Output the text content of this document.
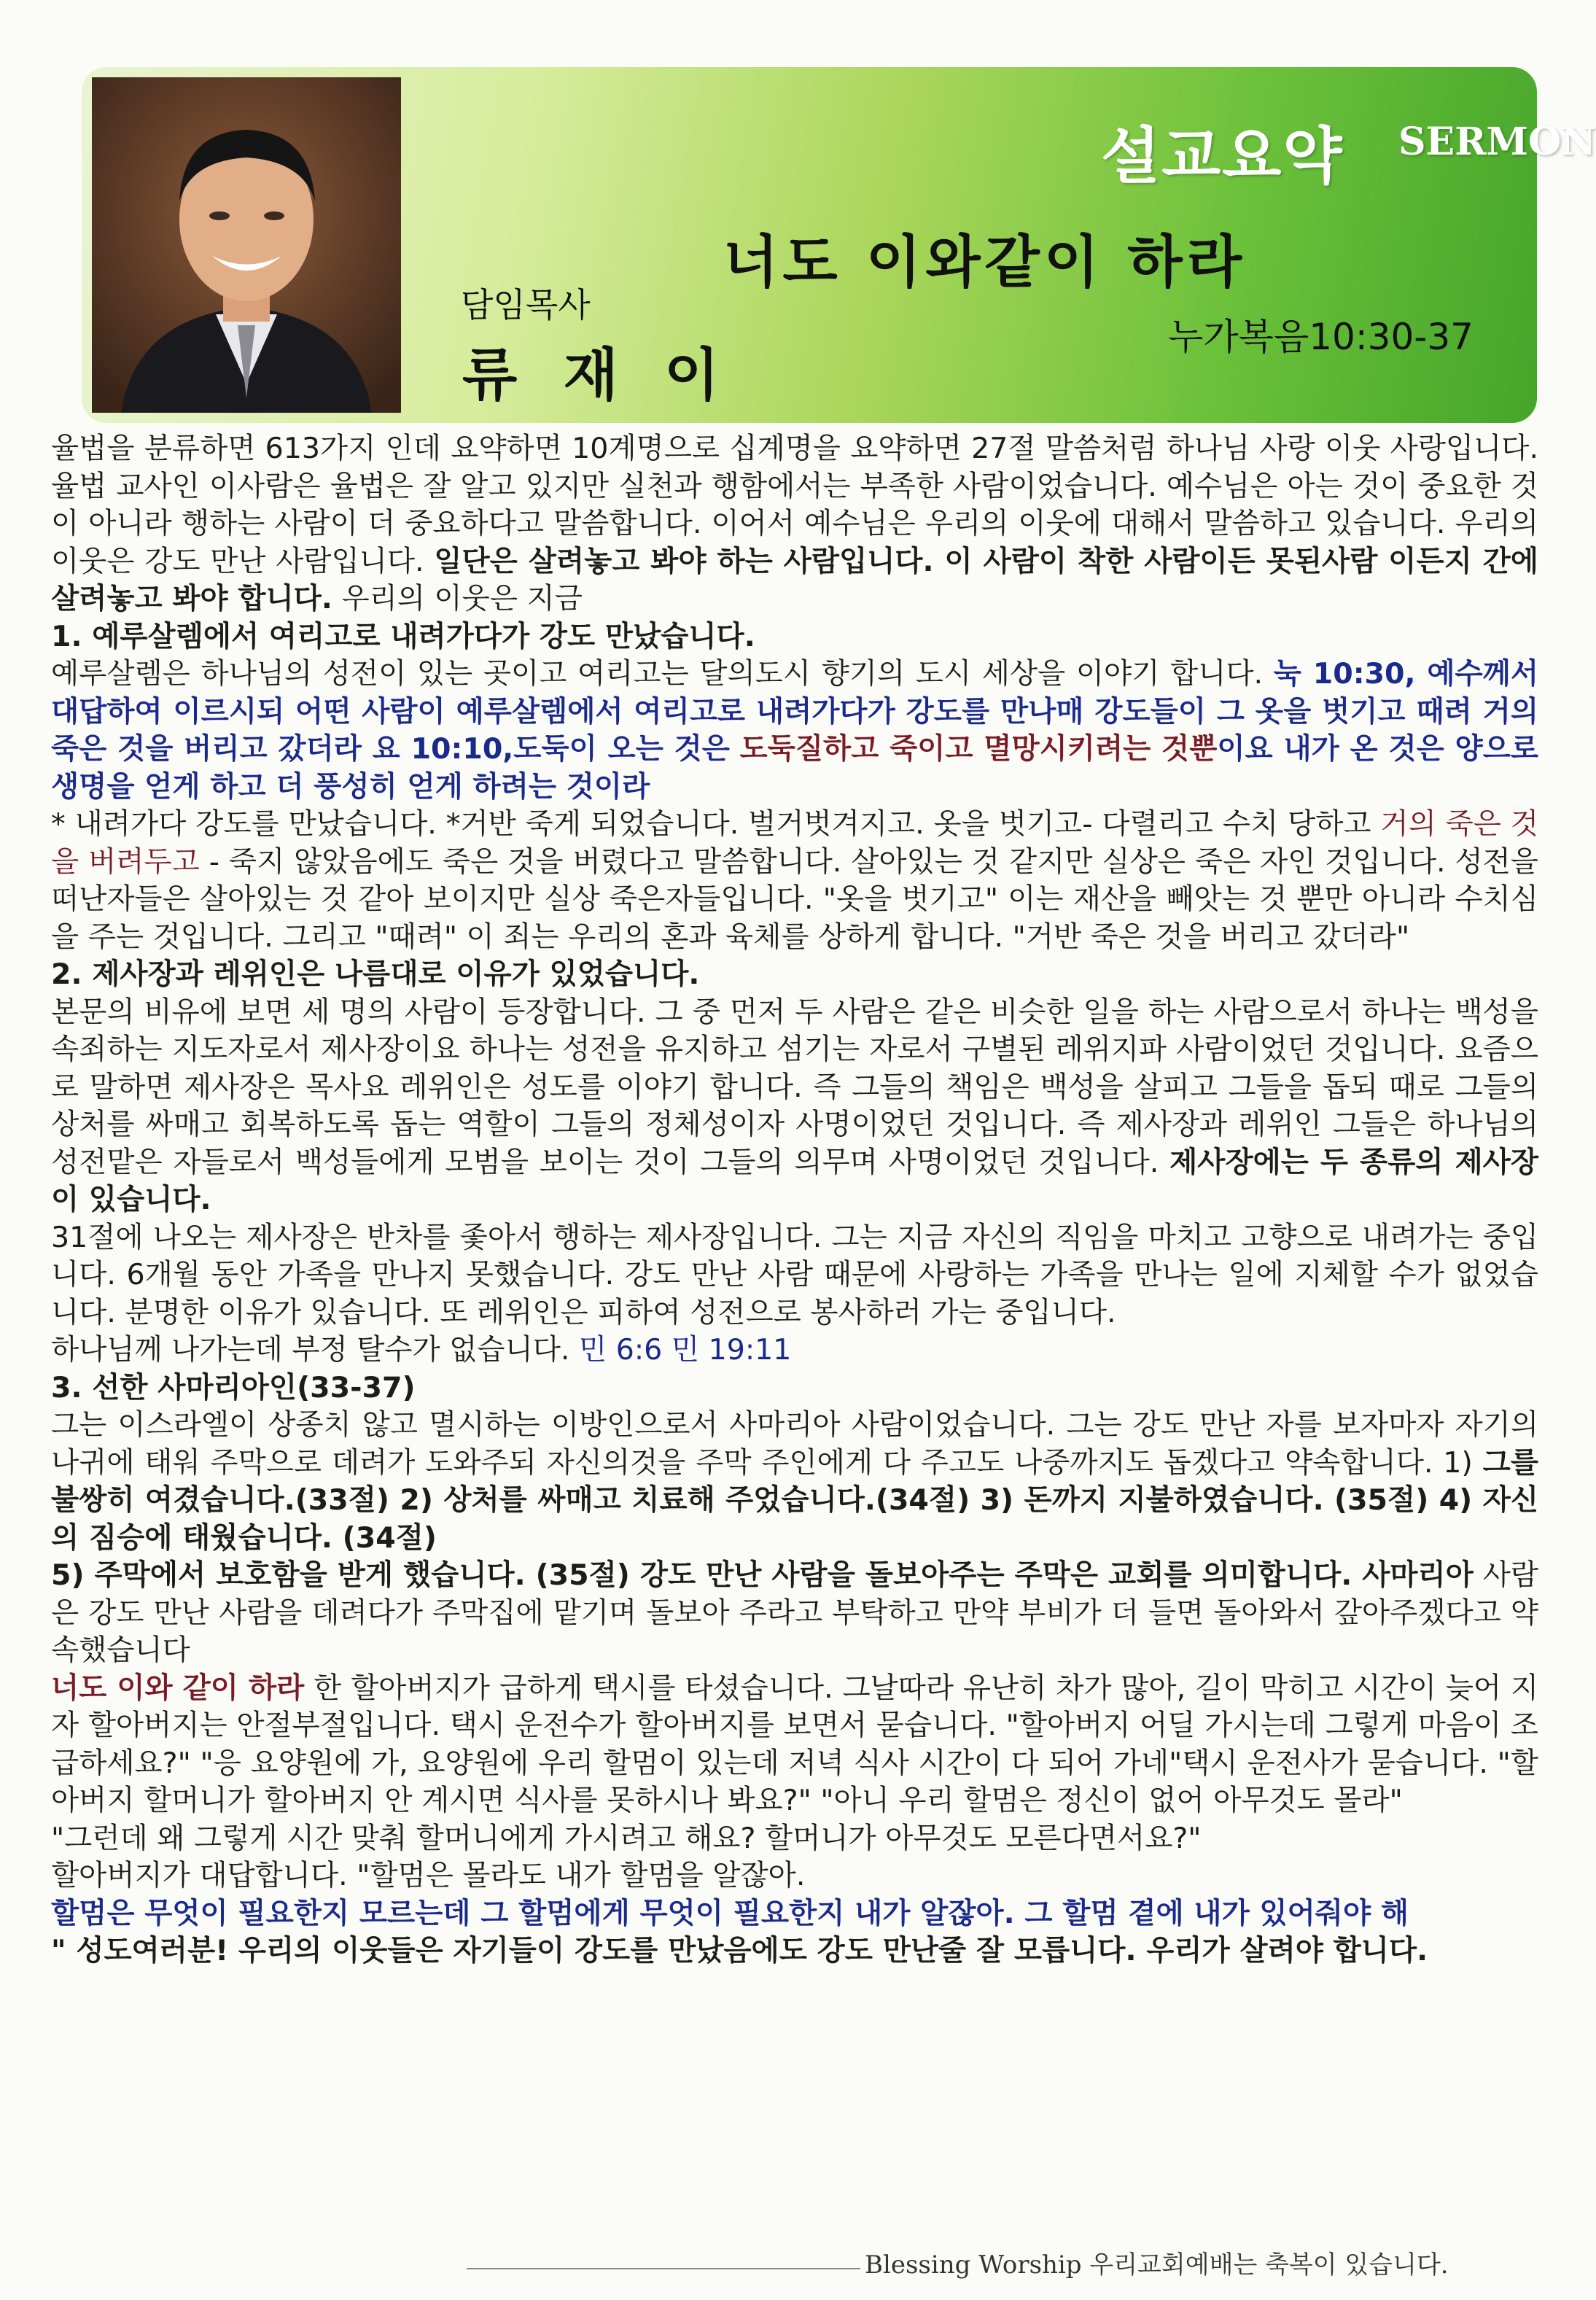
설교요약 SERMON
너도 이와같이 하라
누가복음10:30-37
담임목사
류 재 이

율법을 분류하면 613가지 인데 요약하면 10계명으로 십계명을 요약하면 27절 말씀처럼 하나님 사랑 이웃 사랑입니다. 율법 교사인 이사람은 율법은 잘 알고 있지만 실천과 행함에서는 부족한 사람이었습니다. 예수님은 아는 것이 중요한 것이 아니라 행하는 사람이 더 중요하다고 말씀합니다. 이어서 예수님은 우리의 이웃에 대해서 말씀하고 있습니다. 우리의 이웃은 강도 만난 사람입니다. 일단은 살려놓고 봐야 하는 사람입니다. 이 사람이 착한 사람이든 못된사람 이든지 간에 살려놓고 봐야 합니다. 우리의 이웃은 지금

1. 예루살렘에서 여리고로 내려가다가 강도 만났습니다.

예루살렘은 하나님의 성전이 있는 곳이고 여리고는 달의도시 향기의 도시 세상을 이야기 합니다. 눅 10:30, 예수께서 대답하여 이르시되 어떤 사람이 예루살렘에서 여리고로 내려가다가 강도를 만나매 강도들이 그 옷을 벗기고 때려 거의 죽은 것을 버리고 갔더라 요 10:10,도둑이 오는 것은 도둑질하고 죽이고 멸망시키려는 것뿐이요 내가 온 것은 양으로 생명을 얻게 하고 더 풍성히 얻게 하려는 것이라

* 내려가다 강도를 만났습니다. *거반 죽게 되었습니다. 벌거벗겨지고. 옷을 벗기고- 다렬리고 수치 당하고 거의 죽은 것을 버려두고 - 죽지 않았음에도 죽은 것을 버렸다고 말씀합니다. 살아있는 것 같지만 실상은 죽은 자인 것입니다. 성전을 떠난자들은 살아있는 것 같아 보이지만 실상 죽은자들입니다. "옷을 벗기고" 이는 재산을 빼앗는 것 뿐만 아니라 수치심을 주는 것입니다. 그리고 "때려" 이 죄는 우리의 혼과 육체를 상하게 합니다. "거반 죽은 것을 버리고 갔더라"

2. 제사장과 레위인은 나름대로 이유가 있었습니다.

본문의 비유에 보면 세 명의 사람이 등장합니다. 그 중 먼저 두 사람은 같은 비슷한 일을 하는 사람으로서 하나는 백성을 속죄하는 지도자로서 제사장이요 하나는 성전을 유지하고 섬기는 자로서 구별된 레위지파 사람이었던 것입니다. 요즘으로 말하면 제사장은 목사요 레위인은 성도를 이야기 합니다. 즉 그들의 책임은 백성을 살피고 그들을 돕되 때로 그들의 상처를 싸매고 회복하도록 돕는 역할이 그들의 정체성이자 사명이었던 것입니다. 즉 제사장과 레위인 그들은 하나님의 성전맡은 자들로서 백성들에게 모범을 보이는 것이 그들의 의무며 사명이었던 것입니다. 제사장에는 두 종류의 제사장이 있습니다.

31절에 나오는 제사장은 반차를 좇아서 행하는 제사장입니다. 그는 지금 자신의 직임을 마치고 고향으로 내려가는 중입니다. 6개월 동안 가족을 만나지 못했습니다. 강도 만난 사람 때문에 사랑하는 가족을 만나는 일에 지체할 수가 없었습니다. 분명한 이유가 있습니다. 또 레위인은 피하여 성전으로 봉사하러 가는 중입니다.

하나님께 나가는데 부정 탈수가 없습니다. 민 6:6 민 19:11

3. 선한 사마리아인(33-37)

그는 이스라엘이 상종치 않고 멸시하는 이방인으로서 사마리아 사람이었습니다. 그는 강도 만난 자를 보자마자 자기의 나귀에 태워 주막으로 데려가 도와주되 자신의것을 주막 주인에게 다 주고도 나중까지도 돕겠다고 약속합니다. 1) 그를 불쌍히 여겼습니다.(33절) 2) 상처를 싸매고 치료해 주었습니다.(34절) 3) 돈까지 지불하였습니다. (35절) 4) 자신의 짐승에 태웠습니다. (34절)

5) 주막에서 보호함을 받게 했습니다. (35절) 강도 만난 사람을 돌보아주는 주막은 교회를 의미합니다. 사마리아 사람은 강도 만난 사람을 데려다가 주막집에 맡기며 돌보아 주라고 부탁하고 만약 부비가 더 들면 돌아와서 갚아주겠다고 약속했습니다

너도 이와 같이 하라 한 할아버지가 급하게 택시를 타셨습니다. 그날따라 유난히 차가 많아, 길이 막히고 시간이 늦어 지자 할아버지는 안절부절입니다. 택시 운전수가 할아버지를 보면서 묻습니다. "할아버지 어딜 가시는데 그렇게 마음이 조급하세요?" "응 요양원에 가, 요양원에 우리 할멈이 있는데 저녁 식사 시간이 다 되어 가네"택시 운전사가 묻습니다. "할아버지 할머니가 할아버지 안 계시면 식사를 못하시나 봐요?" "아니 우리 할멈은 정신이 없어 아무것도 몰라"

"그런데 왜 그렇게 시간 맞춰 할머니에게 가시려고 해요? 할머니가 아무것도 모른다면서요?"

할아버지가 대답합니다. "할멈은 몰라도 내가 할멈을 알잖아.

할멈은 무엇이 필요한지 모르는데 그 할멈에게 무엇이 필요한지 내가 알잖아. 그 할멈 곁에 내가 있어줘야 해

" 성도여러분! 우리의 이웃들은 자기들이 강도를 만났음에도 강도 만난줄 잘 모릅니다. 우리가 살려야 합니다.

Blessing Worship 우리교회예배는 축복이 있습니다.
